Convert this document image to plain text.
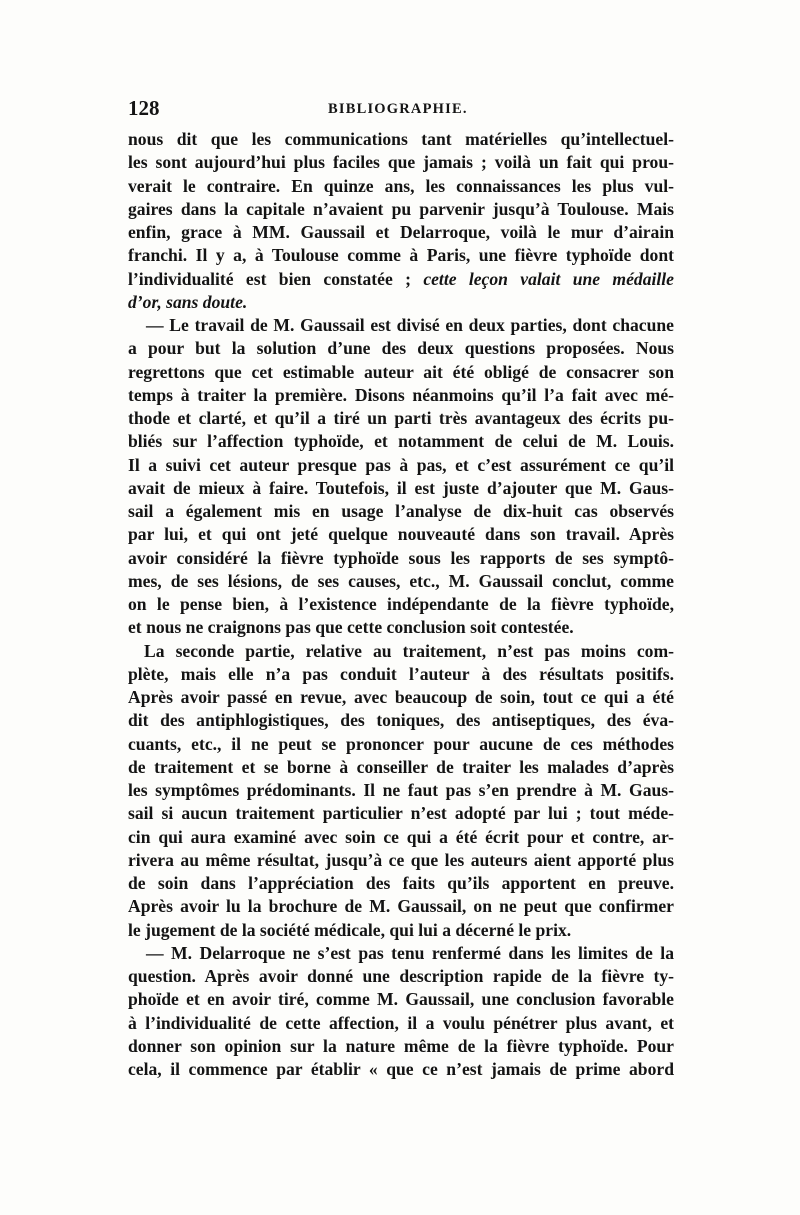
128	BIBLIOGRAPHIE.
nous dit que les communications tant matérielles qu’intellectuel-
les sont aujourd’hui plus faciles que jamais ; voilà un fait qui prou-
verait le contraire. En quinze ans, les connaissances les plus vul-
gaires dans la capitale n’avaient pu parvenir jusqu’à Toulouse. Mais
enfin, grace à MM. Gaussail et Delarroque, voilà le mur d’airain
franchi. Il y a, à Toulouse comme à Paris, une fièvre typhoïde dont
l’individualité est bien constatée ; cette leçon valait une médaille
d’or, sans doute.
— Le travail de M. Gaussail est divisé en deux parties, dont chacune
a pour but la solution d’une des deux questions proposées. Nous
regrettons que cet estimable auteur ait été obligé de consacrer son
temps à traiter la première. Disons néanmoins qu’il l’a fait avec mé-
thode et clarté, et qu’il a tiré un parti très avantageux des écrits pu-
bliés sur l’affection typhoïde, et notamment de celui de M. Louis.
Il a suivi cet auteur presque pas à pas, et c’est assurément ce qu’il
avait de mieux à faire. Toutefois, il est juste d’ajouter que M. Gaus-
sail a également mis en usage l’analyse de dix-huit cas observés
par lui, et qui ont jeté quelque nouveauté dans son travail. Après
avoir considéré la fièvre typhoïde sous les rapports de ses symptô-
mes, de ses lésions, de ses causes, etc., M. Gaussail conclut, comme
on le pense bien, à l’existence indépendante de la fièvre typhoïde,
et nous ne craignons pas que cette conclusion soit contestée.
La seconde partie, relative au traitement, n’est pas moins com-
plète, mais elle n’a pas conduit l’auteur à des résultats positifs.
Après avoir passé en revue, avec beaucoup de soin, tout ce qui a été
dit des antiphlogistiques, des toniques, des antiseptiques, des éva-
cuants, etc., il ne peut se prononcer pour aucune de ces méthodes
de traitement et se borne à conseiller de traiter les malades d’après
les symptômes prédominants. Il ne faut pas s’en prendre à M. Gaus-
sail si aucun traitement particulier n’est adopté par lui ; tout méde-
cin qui aura examiné avec soin ce qui a été écrit pour et contre, ar-
rivera au même résultat, jusqu’à ce que les auteurs aient apporté plus
de soin dans l’appréciation des faits qu’ils apportent en preuve.
Après avoir lu la brochure de M. Gaussail, on ne peut que confirmer
le jugement de la société médicale, qui lui a décerné le prix.
— M. Delarroque ne s’est pas tenu renfermé dans les limites de la
question. Après avoir donné une description rapide de la fièvre ty-
phoïde et en avoir tiré, comme M. Gaussail, une conclusion favorable
à l’individualité de cette affection, il a voulu pénétrer plus avant, et
donner son opinion sur la nature même de la fièvre typhoïde. Pour
cela, il commence par établir « que ce n’est jamais de prime abord
